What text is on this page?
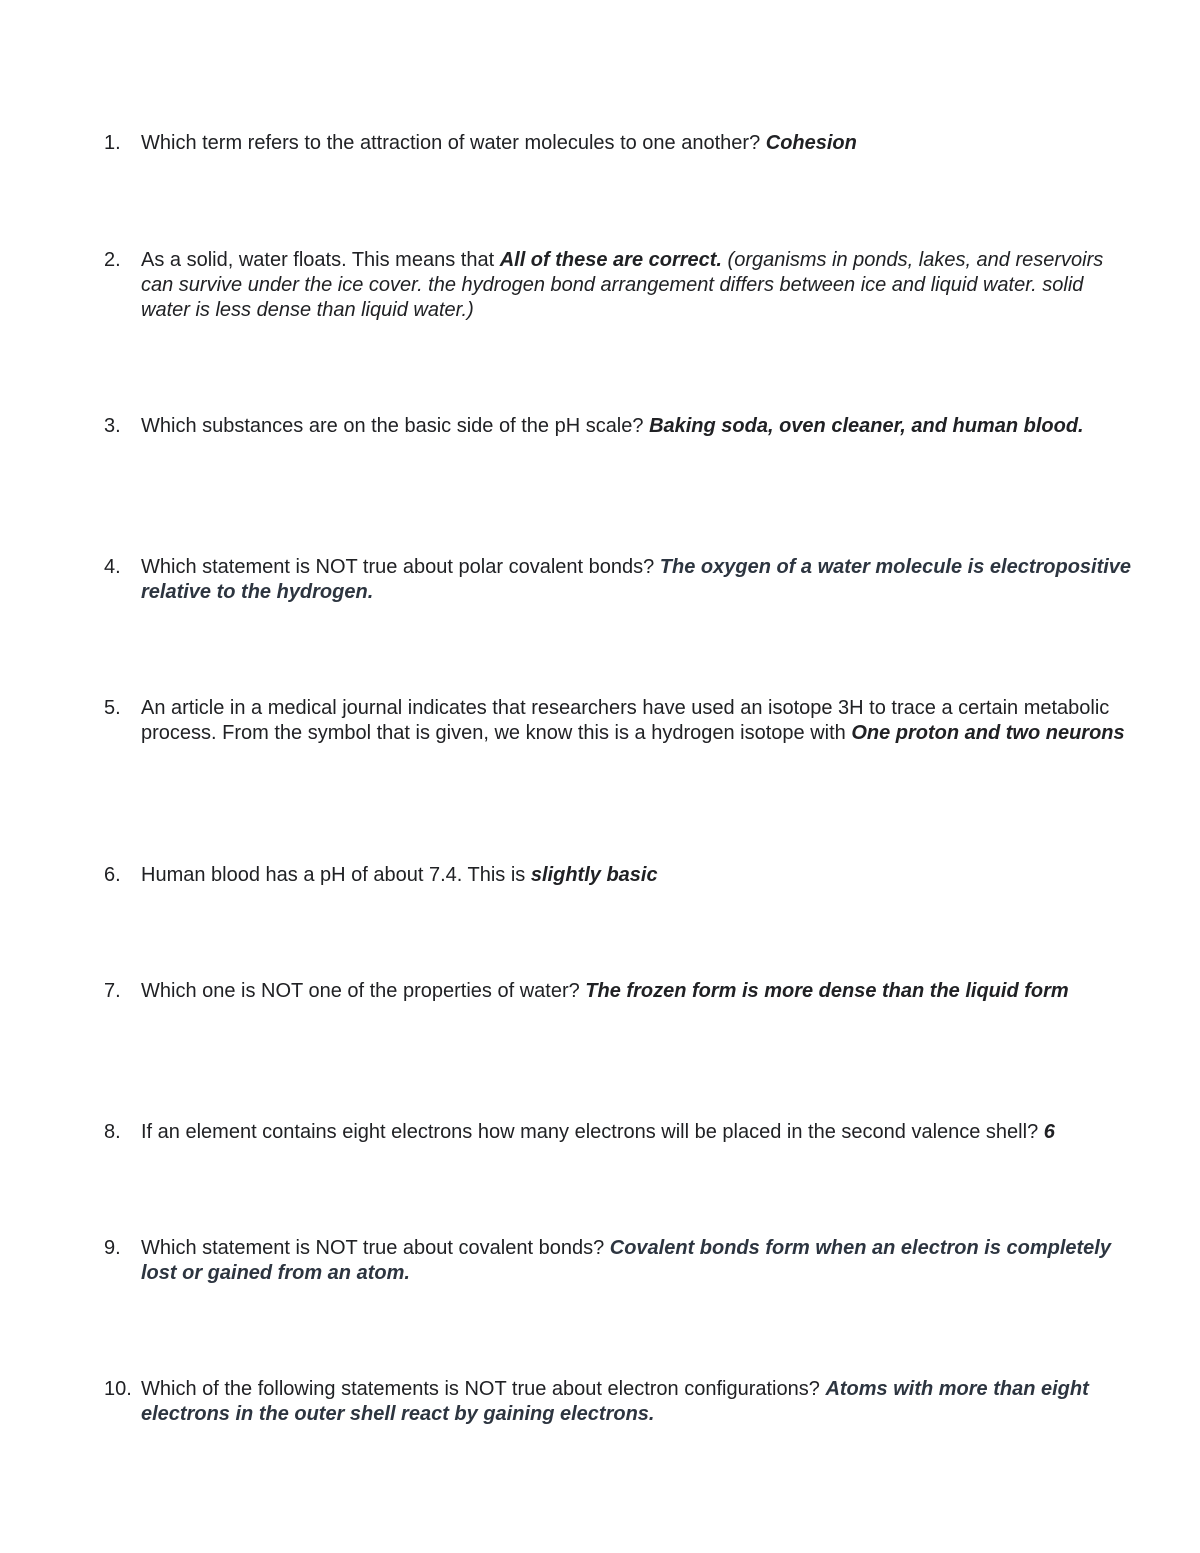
1.	Which term refers to the attraction of water molecules to one another? Cohesion
2.	As a solid, water floats. This means that All of these are correct. (organisms in ponds, lakes, and reservoirs can survive under the ice cover. the hydrogen bond arrangement differs between ice and liquid water. solid water is less dense than liquid water.)
3.	Which substances are on the basic side of the pH scale? Baking soda, oven cleaner, and human blood.
4.	Which statement is NOT true about polar covalent bonds? The oxygen of a water molecule is electropositive relative to the hydrogen.
5.	An article in a medical journal indicates that researchers have used an isotope 3H to trace a certain metabolic process. From the symbol that is given, we know this is a hydrogen isotope with One proton and two neurons
6.	Human blood has a pH of about 7.4. This is slightly basic
7.	Which one is NOT one of the properties of water? The frozen form is more dense than the liquid form
8.	If an element contains eight electrons how many electrons will be placed in the second valence shell? 6
9.	Which statement is NOT true about covalent bonds? Covalent bonds form when an electron is completely lost or gained from an atom.
10. Which of the following statements is NOT true about electron configurations? Atoms with more than eight electrons in the outer shell react by gaining electrons.
